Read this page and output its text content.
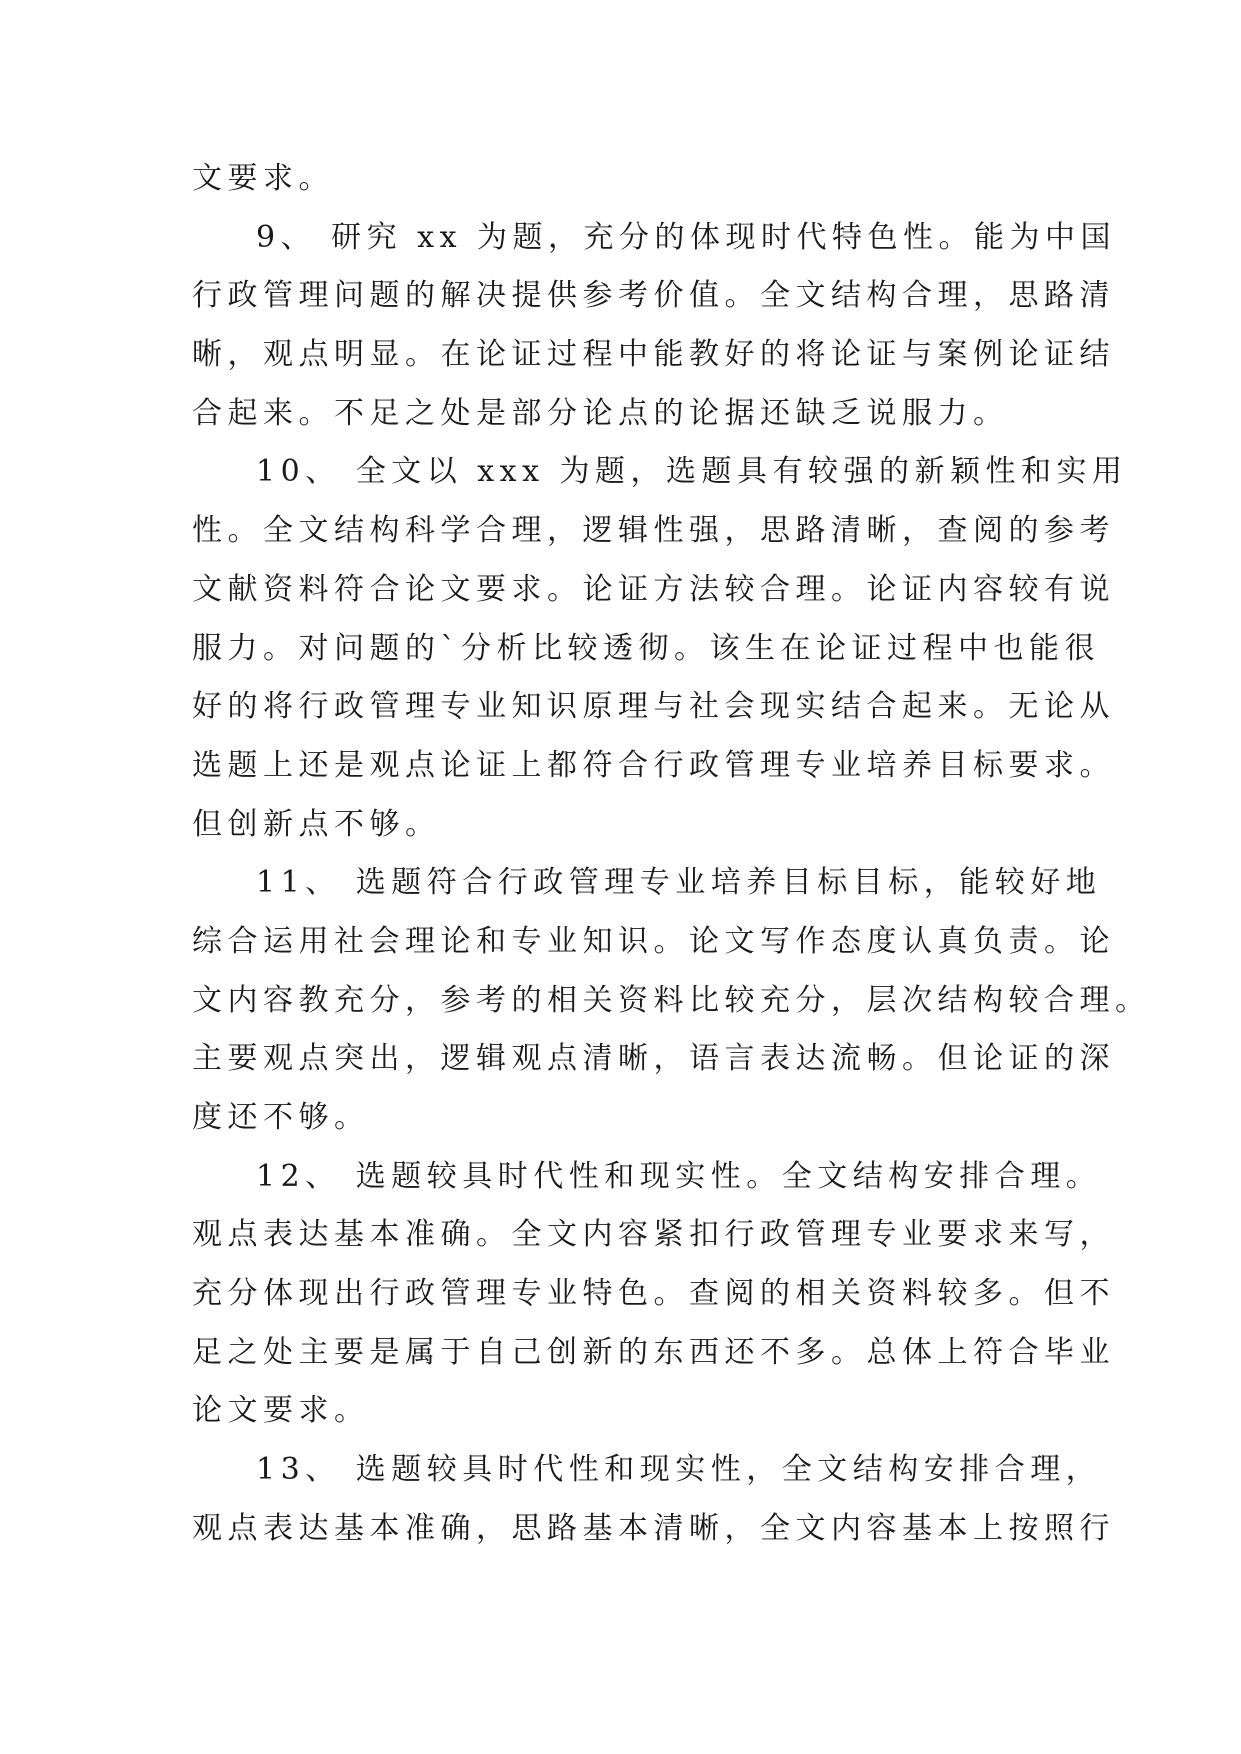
文要求。
9、 研究 xx 为题，充分的体现时代特色性。能为中国
行政管理问题的解决提供参考价值。全文结构合理，思路清
晰，观点明显。在论证过程中能教好的将论证与案例论证结
合起来。不足之处是部分论点的论据还缺乏说服力。
10、 全文以 xxx 为题，选题具有较强的新颖性和实用
性。全文结构科学合理，逻辑性强，思路清晰，查阅的参考
文献资料符合论文要求。论证方法较合理。论证内容较有说
服力。对问题的`分析比较透彻。该生在论证过程中也能很
好的将行政管理专业知识原理与社会现实结合起来。无论从
选题上还是观点论证上都符合行政管理专业培养目标要求。
但创新点不够。
11、 选题符合行政管理专业培养目标目标，能较好地
综合运用社会理论和专业知识。论文写作态度认真负责。论
文内容教充分，参考的相关资料比较充分，层次结构较合理。
主要观点突出，逻辑观点清晰，语言表达流畅。但论证的深
度还不够。
12、 选题较具时代性和现实性。全文结构安排合理。
观点表达基本准确。全文内容紧扣行政管理专业要求来写，
充分体现出行政管理专业特色。查阅的相关资料较多。但不
足之处主要是属于自己创新的东西还不多。总体上符合毕业
论文要求。
13、 选题较具时代性和现实性，全文结构安排合理，
观点表达基本准确，思路基本清晰，全文内容基本上按照行
